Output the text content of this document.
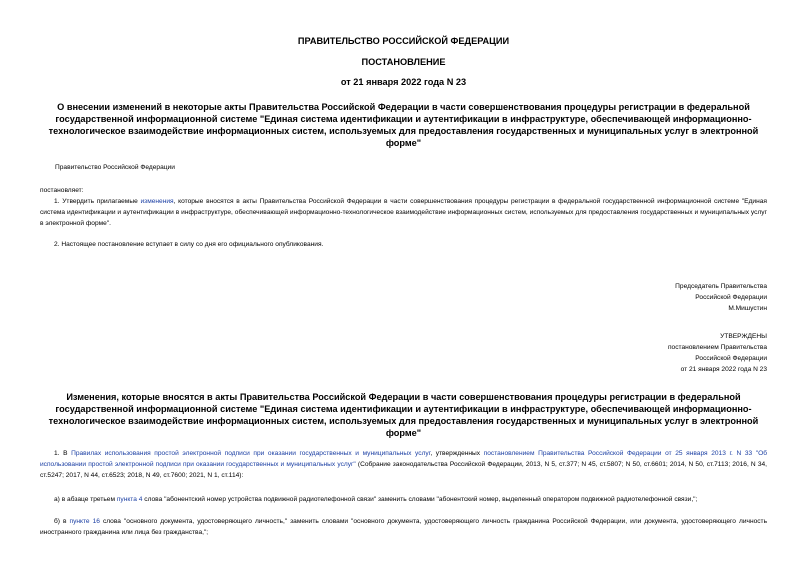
ПРАВИТЕЛЬСТВО РОССИЙСКОЙ ФЕДЕРАЦИИ
ПОСТАНОВЛЕНИЕ
от 21 января 2022 года N 23
О внесении изменений в некоторые акты Правительства Российской Федерации в части совершенствования процедуры регистрации в федеральной государственной информационной системе "Единая система идентификации и аутентификации в инфраструктуре, обеспечивающей информационно-технологическое взаимодействие информационных систем, используемых для предоставления государственных и муниципальных услуг в электронной форме"
Правительство Российской Федерации
постановляет:
1. Утвердить прилагаемые изменения, которые вносятся в акты Правительства Российской Федерации в части совершенствования процедуры регистрации в федеральной государственной информационной системе "Единая система идентификации и аутентификации в инфраструктуре, обеспечивающей информационно-технологическое взаимодействие информационных систем, используемых для предоставления государственных и муниципальных услуг в электронной форме".
2. Настоящее постановление вступает в силу со дня его официального опубликования.
Председатель Правительства
Российской Федерации
М.Мишустин
УТВЕРЖДЕНЫ
постановлением Правительства
Российской Федерации
от 21 января 2022 года N 23
Изменения, которые вносятся в акты Правительства Российской Федерации в части совершенствования процедуры регистрации в федеральной государственной информационной системе "Единая система идентификации и аутентификации в инфраструктуре, обеспечивающей информационно-технологическое взаимодействие информационных систем, используемых для предоставления государственных и муниципальных услуг в электронной форме"
1. В Правилах использования простой электронной подписи при оказании государственных и муниципальных услуг, утвержденных постановлением Правительства Российской Федерации от 25 января 2013 г. N 33 "Об использовании простой электронной подписи при оказании государственных и муниципальных услуг" (Собрание законодательства Российской Федерации, 2013, N 5, ст.377; N 45, ст.5807; N 50, ст.6601; 2014, N 50, ст.7113; 2016, N 34, ст.5247; 2017, N 44, ст.6523; 2018, N 49, ст.7600; 2021, N 1, ст.114):
а) в абзаце третьем пункта 4 слова "абонентский номер устройства подвижной радиотелефонной связи" заменить словами "абонентский номер, выделенный оператором подвижной радиотелефонной связи,";
б) в пункте 16 слова "основного документа, удостоверяющего личность," заменить словами "основного документа, удостоверяющего личность гражданина Российской Федерации, или документа, удостоверяющего личность иностранного гражданина или лица без гражданства,";
